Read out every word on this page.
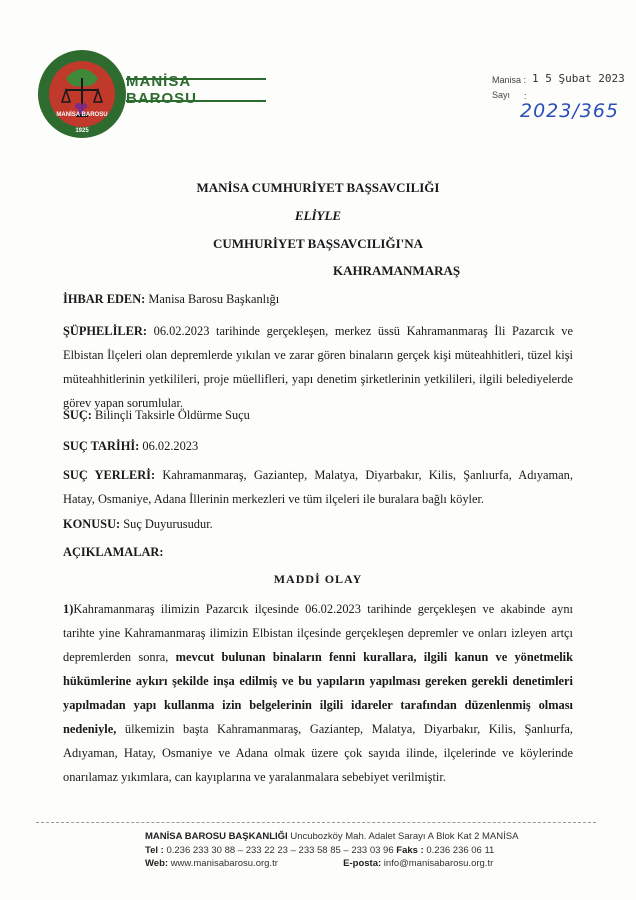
MANİSA BAROSU
1925
MANİSA BAROSU
Manisa : 1 5 Şubat 2023
Sayı :
2023/365
MANİSA CUMHURİYET BAŞSAVCILIĞI
ELİYLE
CUMHURİYET BAŞSAVCILIĞI'NA
KAHRAMANMARAŞ
İHBAR EDEN: Manisa Barosu Başkanlığı
ŞÜPHELİLER: 06.02.2023 tarihinde gerçekleşen, merkez üssü Kahramanmaraş İli Pazarcık ve Elbistan İlçeleri olan depremlerde yıkılan ve zarar gören binaların gerçek kişi müteahhitleri, tüzel kişi müteahhitlerinin yetkilileri, proje müellifleri, yapı denetim şirketlerinin yetkilileri, ilgili belediyelerde görev yapan sorumlular.
SUÇ: Bilinçli Taksirle Öldürme Suçu
SUÇ TARİHİ: 06.02.2023
SUÇ YERLERİ: Kahramanmaraş, Gaziantep, Malatya, Diyarbakır, Kilis, Şanlıurfa, Adıyaman, Hatay, Osmaniye, Adana İllerinin merkezleri ve tüm ilçeleri ile buralara bağlı köyler.
KONUSU: Suç Duyurusudur.
AÇIKLAMALAR:
MADDİ OLAY
1)Kahramanmaraş ilimizin Pazarcık ilçesinde 06.02.2023 tarihinde gerçekleşen ve akabinde aynı tarihte yine Kahramanmaraş ilimizin Elbistan ilçesinde gerçekleşen depremler ve onları izleyen artçı depremlerden sonra, mevcut bulunan binaların fenni kurallara, ilgili kanun ve yönetmelik hükümlerine aykırı şekilde inşa edilmiş ve bu yapıların yapılması gereken gerekli denetimleri yapılmadan yapı kullanma izin belgelerinin ilgili idareler tarafından düzenlenmiş olması nedeniyle, ülkemizin başta Kahramanmaraş, Gaziantep, Malatya, Diyarbakır, Kilis, Şanlıurfa, Adıyaman, Hatay, Osmaniye ve Adana olmak üzere çok sayıda ilinde, ilçelerinde ve köylerinde onarılamaz yıkımlara, can kayıplarına ve yaralanmalara sebebiyet verilmiştir.
MANİSA BAROSU BAŞKANLIĞI Uncubozköy Mah. Adalet Sarayı A Blok Kat 2 MANİSA
Tel : 0.236 233 30 88 – 233 22 23 – 233 58 85 – 233 03 96 Faks : 0.236 236 06 11
Web: www.manisabarosu.org.tr	E-posta: info@manisabarosu.org.tr
